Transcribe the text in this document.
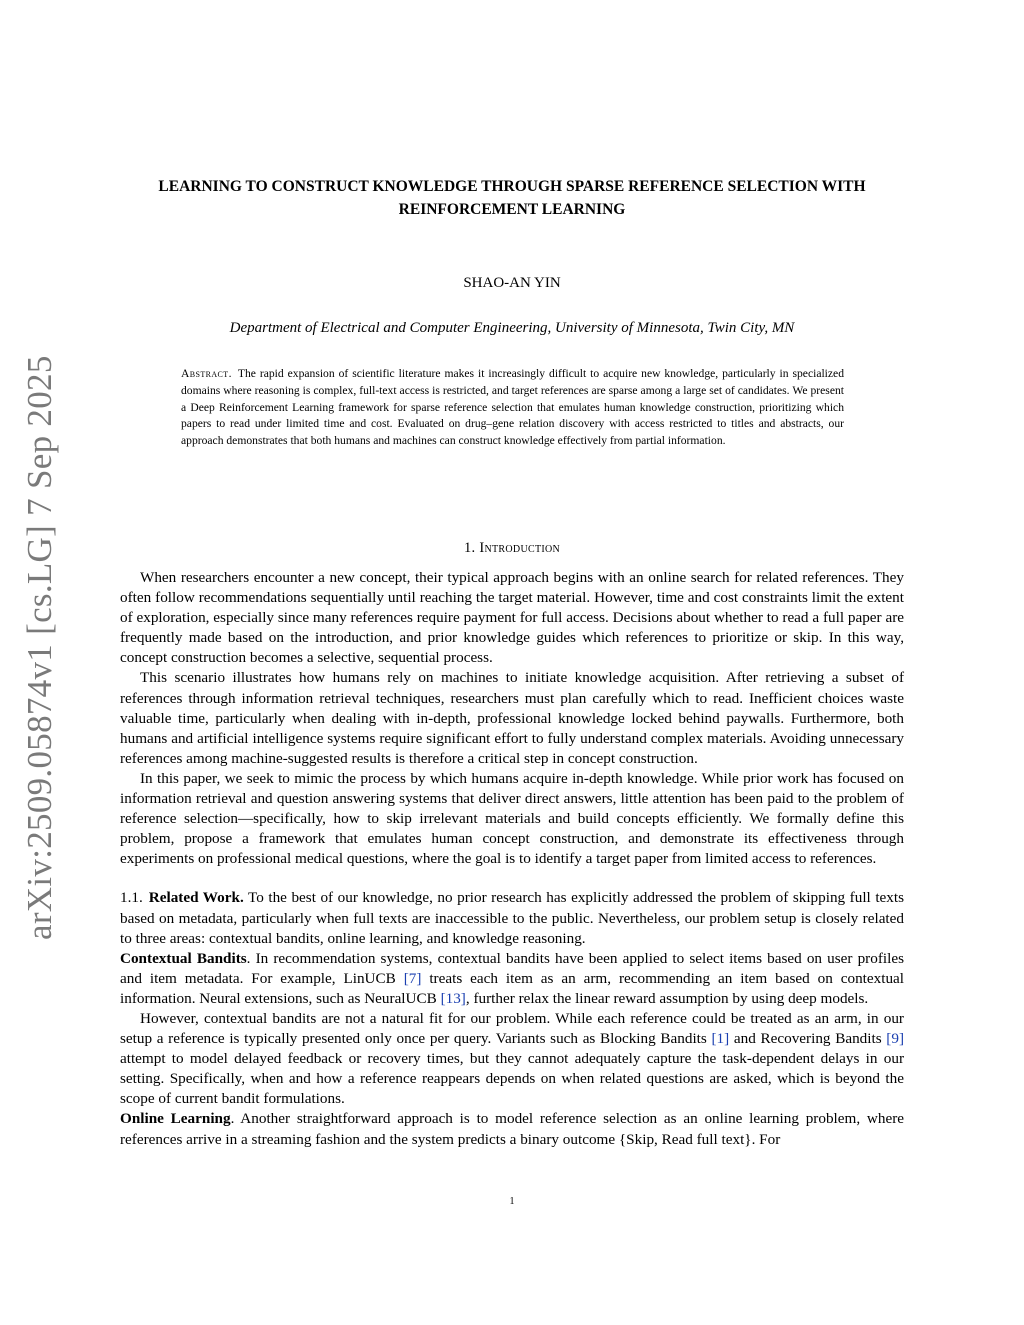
arXiv:2509.05874v1 [cs.LG] 7 Sep 2025
LEARNING TO CONSTRUCT KNOWLEDGE THROUGH SPARSE REFERENCE SELECTION WITH REINFORCEMENT LEARNING
SHAO-AN YIN
Department of Electrical and Computer Engineering, University of Minnesota, Twin City, MN
Abstract. The rapid expansion of scientific literature makes it increasingly difficult to acquire new knowledge, particularly in specialized domains where reasoning is complex, full-text access is restricted, and target references are sparse among a large set of candidates. We present a Deep Reinforcement Learning framework for sparse reference selection that emulates human knowledge construction, prioritizing which papers to read under limited time and cost. Evaluated on drug–gene relation discovery with access restricted to titles and abstracts, our approach demonstrates that both humans and machines can construct knowledge effectively from partial information.
1. Introduction

When researchers encounter a new concept, their typical approach begins with an online search for related references. They often follow recommendations sequentially until reaching the target material. However, time and cost constraints limit the extent of exploration, especially since many references require payment for full access. Decisions about whether to read a full paper are frequently made based on the introduction, and prior knowledge guides which references to prioritize or skip. In this way, concept construction becomes a selective, sequential process.

This scenario illustrates how humans rely on machines to initiate knowledge acquisition. After retrieving a subset of references through information retrieval techniques, researchers must plan carefully which to read. Inefficient choices waste valuable time, particularly when dealing with in-depth, professional knowledge locked behind paywalls. Furthermore, both humans and artificial intelligence systems require significant effort to fully understand complex materials. Avoiding unnecessary references among machine-suggested results is therefore a critical step in concept construction.

In this paper, we seek to mimic the process by which humans acquire in-depth knowledge. While prior work has focused on information retrieval and question answering systems that deliver direct answers, little attention has been paid to the problem of reference selection—specifically, how to skip irrelevant materials and build concepts efficiently. We formally define this problem, propose a framework that emulates human concept construction, and demonstrate its effectiveness through experiments on professional medical questions, where the goal is to identify a target paper from limited access to references.

1.1. Related Work. To the best of our knowledge, no prior research has explicitly addressed the problem of skipping full texts based on metadata, particularly when full texts are inaccessible to the public. Nevertheless, our problem setup is closely related to three areas: contextual bandits, online learning, and knowledge reasoning.

Contextual Bandits. In recommendation systems, contextual bandits have been applied to select items based on user profiles and item metadata. For example, LinUCB [7] treats each item as an arm, recommending an item based on contextual information. Neural extensions, such as NeuralUCB [13], further relax the linear reward assumption by using deep models.

However, contextual bandits are not a natural fit for our problem. While each reference could be treated as an arm, in our setup a reference is typically presented only once per query. Variants such as Blocking Bandits [1] and Recovering Bandits [9] attempt to model delayed feedback or recovery times, but they cannot adequately capture the task-dependent delays in our setting. Specifically, when and how a reference reappears depends on when related questions are asked, which is beyond the scope of current bandit formulations.

Online Learning. Another straightforward approach is to model reference selection as an online learning problem, where references arrive in a streaming fashion and the system predicts a binary outcome {Skip, Read full text}. For

1
